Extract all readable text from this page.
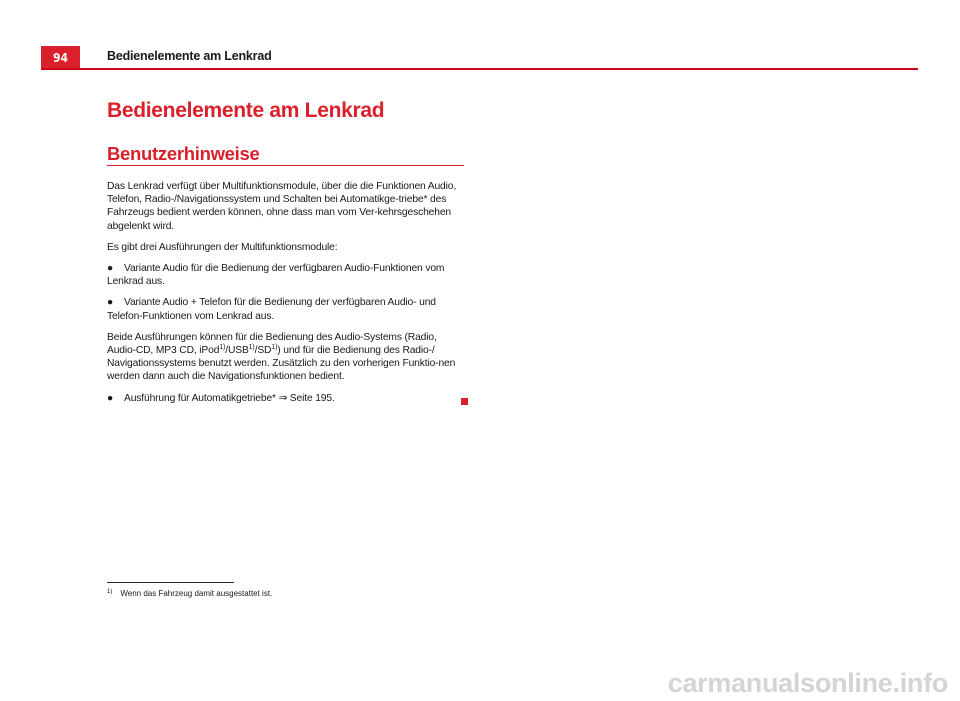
94	Bedienelemente am Lenkrad
Bedienelemente am Lenkrad
Benutzerhinweise

Das Lenkrad verfügt über Multifunktionsmodule, über die die Funktionen Audio, Telefon, Radio-/Navigationssystem und Schalten bei Automatikge-triebe* des Fahrzeugs bedient werden können, ohne dass man vom Ver-kehrsgeschehen abgelenkt wird.

Es gibt drei Ausführungen der Multifunktionsmodule:

● Variante Audio für die Bedienung der verfügbaren Audio-Funktionen vom Lenkrad aus.

● Variante Audio + Telefon für die Bedienung der verfügbaren Audio- und Telefon-Funktionen vom Lenkrad aus.

Beide Ausführungen können für die Bedienung des Audio-Systems (Radio, Audio-CD, MP3 CD, iPod$^{1)}$/USB$^{1)}$/SD$^{1)}$) und für die Bedienung des Radio-/ Navigationssystems benutzt werden. Zusätzlich zu den vorherigen Funktio-nen werden dann auch die Navigationsfunktionen bedient.

● Ausführung für Automatikgetriebe* ⇒ Seite 195.

$^{1)}$ Wenn das Fahrzeug damit ausgestattet ist.
carmanualsonline.info
